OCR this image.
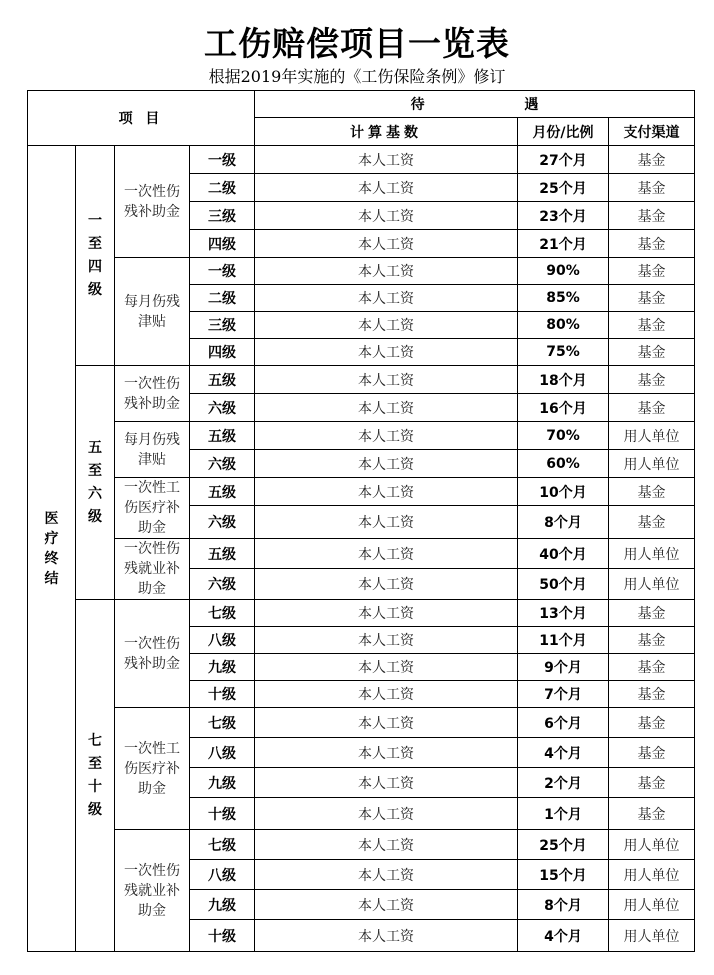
工伤赔偿项目一览表
根据2019年实施的《工伤保险条例》修订
项 目				待 遇		
				计算基数	月份/比例	支付渠道
医疗终结	一至四级	一次性伤残补助金	一级	本人工资	27个月	基金
			二级	本人工资	25个月	基金
			三级	本人工资	23个月	基金
			四级	本人工资	21个月	基金
		每月伤残津贴	一级	本人工资	90%	基金
			二级	本人工资	85%	基金
			三级	本人工资	80%	基金
			四级	本人工资	75%	基金
	五至六级	一次性伤残补助金	五级	本人工资	18个月	基金
			六级	本人工资	16个月	基金
		每月伤残津贴	五级	本人工资	70%	用人单位
			六级	本人工资	60%	用人单位
		一次性工伤医疗补助金	五级	本人工资	10个月	基金
			六级	本人工资	8个月	基金
		一次性伤残就业补助金	五级	本人工资	40个月	用人单位
			六级	本人工资	50个月	用人单位
	七至十级	一次性伤残补助金	七级	本人工资	13个月	基金
			八级	本人工资	11个月	基金
			九级	本人工资	9个月	基金
			十级	本人工资	7个月	基金
		一次性工伤医疗补助金	七级	本人工资	6个月	基金
			八级	本人工资	4个月	基金
			九级	本人工资	2个月	基金
			十级	本人工资	1个月	基金
		一次性伤残就业补助金	七级	本人工资	25个月	用人单位
			八级	本人工资	15个月	用人单位
			九级	本人工资	8个月	用人单位
			十级	本人工资	4个月	用人单位
